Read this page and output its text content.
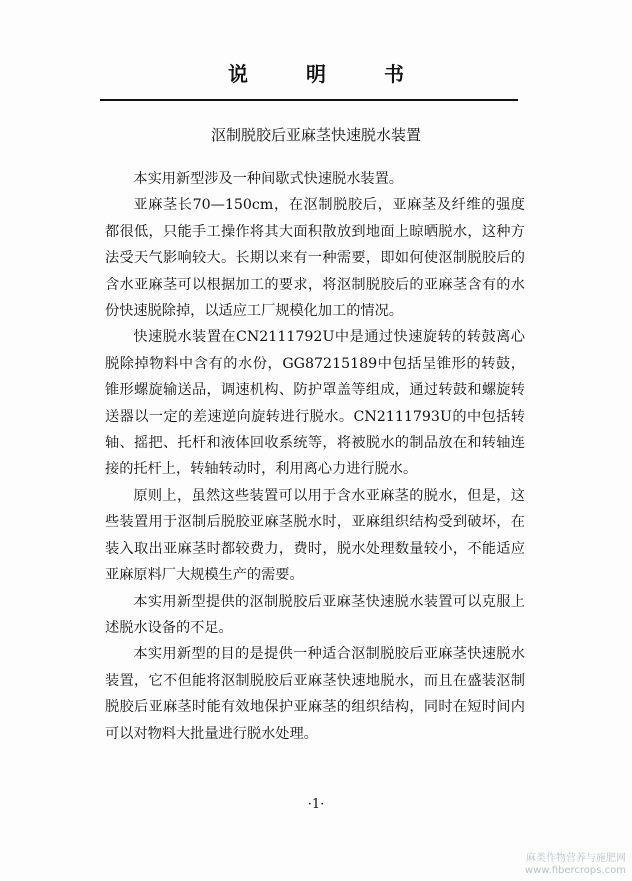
说明书
沤制脱胶后亚麻茎快速脱水装置

本实用新型涉及一种间歇式快速脱水装置。

亚麻茎长70—150cm，在沤制脱胶后，亚麻茎及纤维的强度都很低，只能手工操作将其大面积散放到地面上晾晒脱水，这种方法受天气影响较大。长期以来有一种需要，即如何使沤制脱胶后的含水亚麻茎可以根据加工的要求，将沤制脱胶后的亚麻茎含有的水份快速脱除掉，以适应工厂规模化加工的情况。

快速脱水装置在CN2111792U中是通过快速旋转的转鼓离心脱除掉物料中含有的水份，GG87215189中包括呈锥形的转鼓，锥形螺旋输送品，调速机构、防护罩盖等组成，通过转鼓和螺旋转送器以一定的差速逆向旋转进行脱水。CN2111793U的中包括转轴、摇把、托杆和液体回收系统等，将被脱水的制品放在和转轴连接的托杆上，转轴转动时，利用离心力进行脱水。

原则上，虽然这些装置可以用于含水亚麻茎的脱水，但是，这些装置用于沤制后脱胶亚麻茎脱水时，亚麻组织结构受到破坏，在装入取出亚麻茎时都较费力，费时，脱水处理数量较小，不能适应亚麻原料厂大规模生产的需要。

本实用新型提供的沤制脱胶后亚麻茎快速脱水装置可以克服上述脱水设备的不足。

本实用新型的目的是提供一种适合沤制脱胶后亚麻茎快速脱水装置，它不但能将沤制脱胶后亚麻茎快速地脱水，而且在盛装沤制脱胶后亚麻茎时能有效地保护亚麻茎的组织结构，同时在短时间内可以对物料大批量进行脱水处理。

·1·
麻类作物营养与施肥网
www.fibercrops.com
